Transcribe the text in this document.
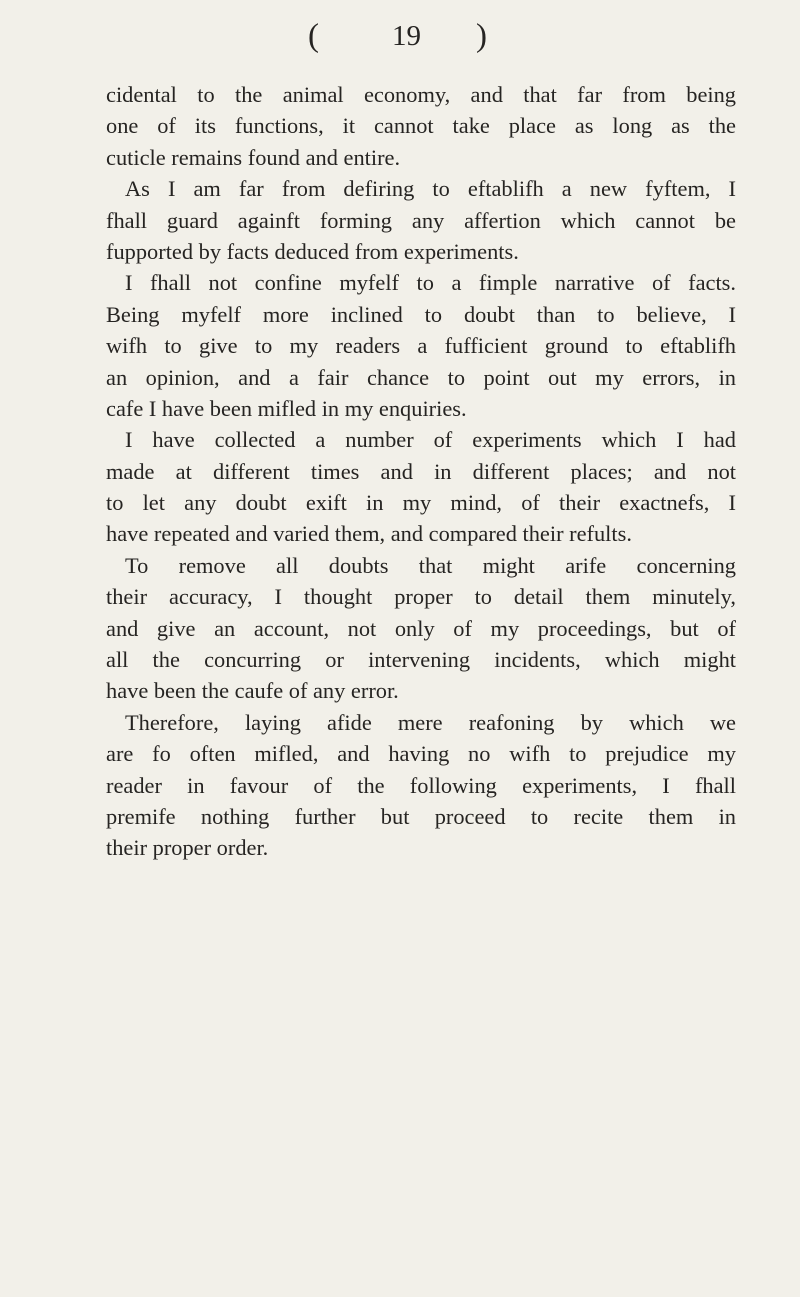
(	19 )
cidental to the animal economy, and that far from being
one of its functions, it cannot take place as long as the
cuticle remains found and entire.
As I am far from defiring to eftablifh a new fyftem, I
fhall guard againft forming any affertion which cannot be
fupported by facts deduced from experiments.
I fhall not confine myfelf to a fimple narrative of facts.
Being myfelf more inclined to doubt than to believe, I
wifh to give to my readers a fufficient ground to eftablifh
an opinion, and a fair chance to point out my errors, in
cafe I have been mifled in my enquiries.
I have collected a number of experiments which I had
made at different times and in different places; and not
to let any doubt exift in my mind, of their exactnefs, I
have repeated and varied them, and compared their refults.
To remove all doubts that might arife concerning
their accuracy, I thought proper to detail them minutely,
and give an account, not only of my proceedings, but of
all the concurring or intervening incidents, which might
have been the caufe of any error.
Therefore, laying afide mere reafoning by which we
are fo often mifled, and having no wifh to prejudice my
reader in favour of the following experiments, I fhall
premife nothing further but proceed to recite them in
their proper order.
